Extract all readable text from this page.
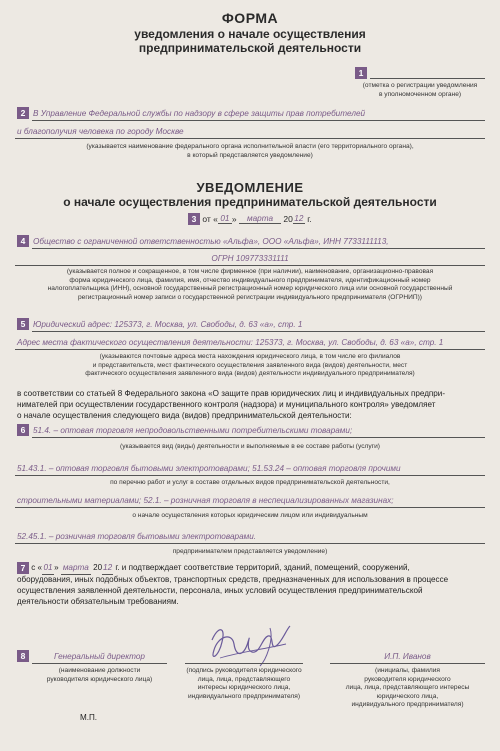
ФОРМА
уведомления о начале осуществления
предпринимательской деятельности
1
(отметка о регистрации уведомления
в уполномоченном органе)
2 В Управление Федеральной службы по надзору в сфере защиты прав потребителей
и благополучия человека по городу Москве
(указывается наименование федерального органа исполнительной власти (его территориального органа),
в который представляется уведомление)
УВЕДОМЛЕНИЕ
о начале осуществления предпринимательской деятельности
3 от « 01 » марта 2012 г.
4 Общество с ограниченной ответственностью «Альфа», ООО «Альфа», ИНН 7733111113,
ОГРН 109773331111
(указывается полное и сокращенное, в том числе фирменное (при наличии), наименование, организационно-правовая
форма юридического лица, фамилия, имя, отчество индивидуального предпринимателя, идентификационный номер
налогоплательщика (ИНН), основной государственный регистрационный номер юридического лица или основной государственный
регистрационный номер записи о государственной регистрации индивидуального предпринимателя (ОГРНИП))
5 Юридический адрес: 125373, г. Москва, ул. Свободы, д. 63 «а», стр. 1
Адрес места фактического осуществления деятельности: 125373, г. Москва, ул. Свободы, д. 63 «а», стр. 1
(указываются почтовые адреса места нахождения юридического лица, в том числе его филиалов
и представительств, мест фактического осуществления заявленного вида (видов) деятельности, мест
фактического осуществления заявленного вида (видов) деятельности индивидуального предпринимателя)
в соответствии со статьей 8 Федерального закона «О защите прав юридических лиц и индивидуальных предпри-
нимателей при осуществлении государственного контроля (надзора) и муниципального контроля» уведомляет
о начале осуществления следующего вида (видов) предпринимательской деятельности:
6 51.4. – оптовая торговля непродовольственными потребительскими товарами;
(указывается вид (виды) деятельности и выполняемые в ее составе работы (услуги)
51.43.1. – оптовая торговля бытовыми электротоварами; 51.53.24 – оптовая торговля прочими
по перечню работ и услуг в составе отдельных видов предпринимательской деятельности,
строительными материалами; 52.1. – розничная торговля в неспециализированных магазинах;
о начале осуществления которых юридическим лицом или индивидуальным
52.45.1. – розничная торговля бытовыми электротоварами.
предпринимателем представляется уведомление)
7 с «01» марта 2012 г. и подтверждает соответствие территорий, зданий, помещений, сооружений,
оборудования, иных подобных объектов, транспортных средств, предназначенных для использования в процессе
осуществления заявленной деятельности, персонала, иных условий осуществления предпринимательской
деятельности обязательным требованиям.
8	Генеральный директор
(наименование должности
руководителя юридического лица)
(подпись руководителя юридического
лица, лица, представляющего
интересы юридического лица,
индивидуального предпринимателя)
И.П. Иванов
(инициалы, фамилия
руководителя юридического
лица, лица, представляющего интересы
юридического лица,
индивидуального предпринимателя)
М.П.
